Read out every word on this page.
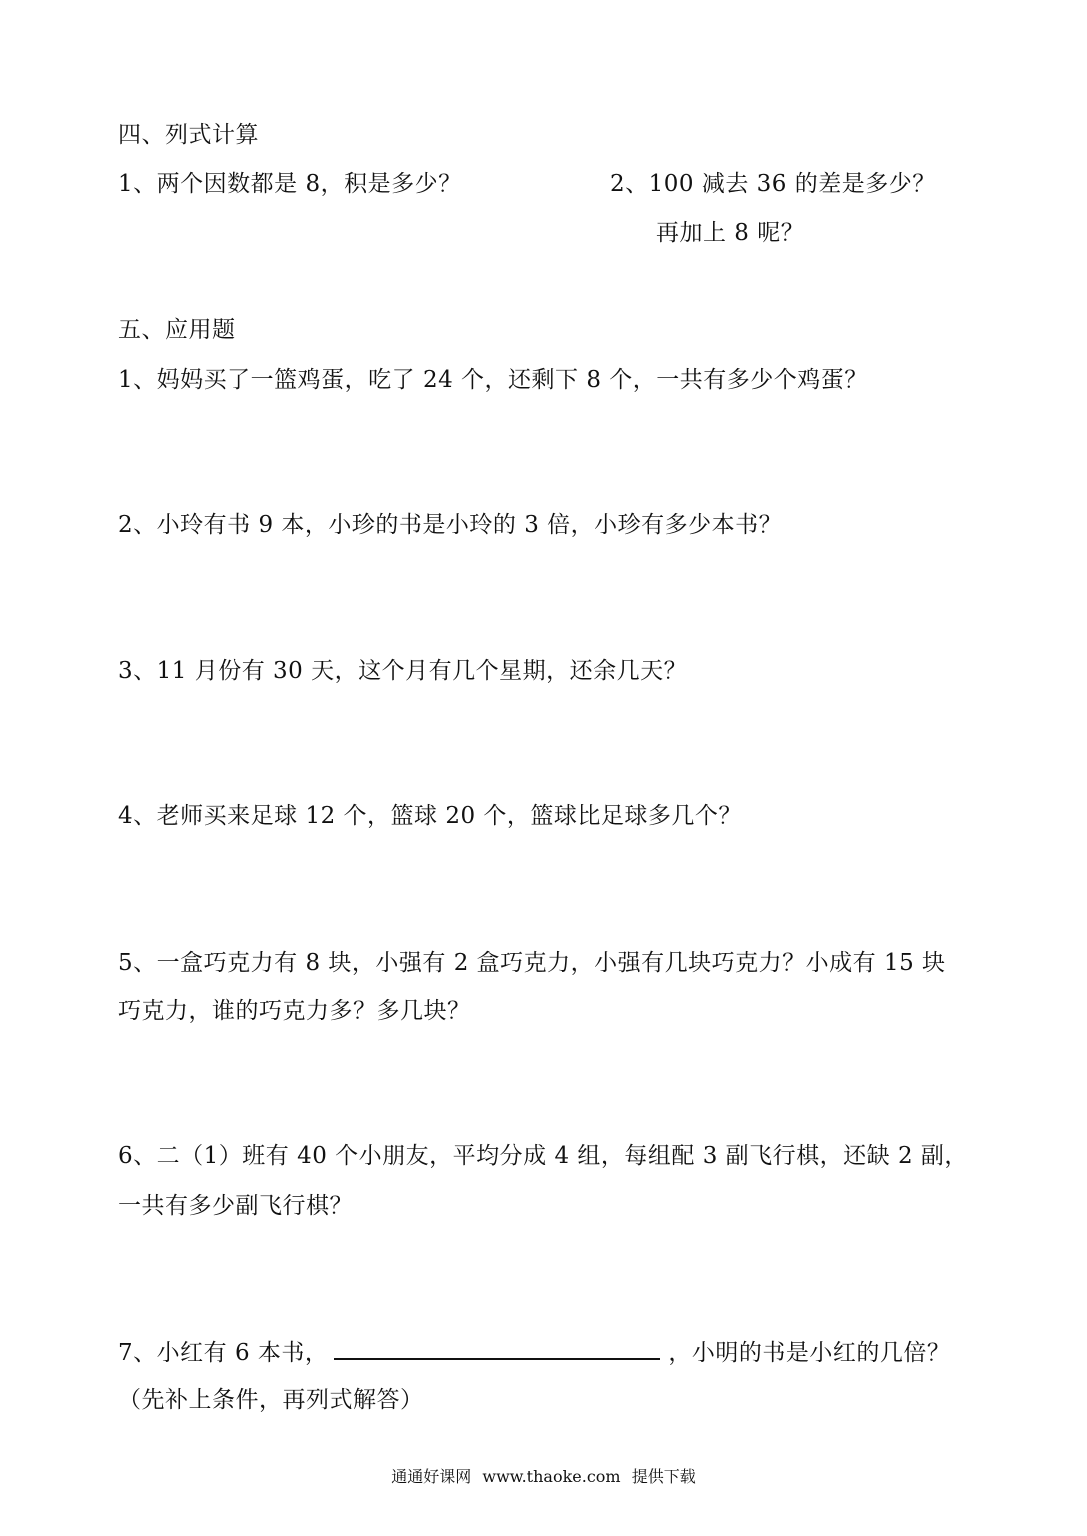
四、列式计算
1、两个因数都是 8，积是多少？	2、100 减去 36 的差是多少？
再加上 8 呢？
五、应用题
1、妈妈买了一篮鸡蛋，吃了 24 个，还剩下 8 个，一共有多少个鸡蛋？
2、小玲有书 9 本，小珍的书是小玲的 3 倍，小珍有多少本书？
3、11 月份有 30 天，这个月有几个星期，还余几天？
4、老师买来足球 12 个，篮球 20 个，篮球比足球多几个？
5、一盒巧克力有 8 块，小强有 2 盒巧克力，小强有几块巧克力？小成有 15 块
巧克力，谁的巧克力多？多几块？
6、二（1）班有 40 个小朋友，平均分成 4 组，每组配 3 副飞行棋，还缺 2 副，
一共有多少副飞行棋？
7、小红有 6 本书，	，小明的书是小红的几倍？
（先补上条件，再列式解答）
通通好课网 www.thaoke.com 提供下载
